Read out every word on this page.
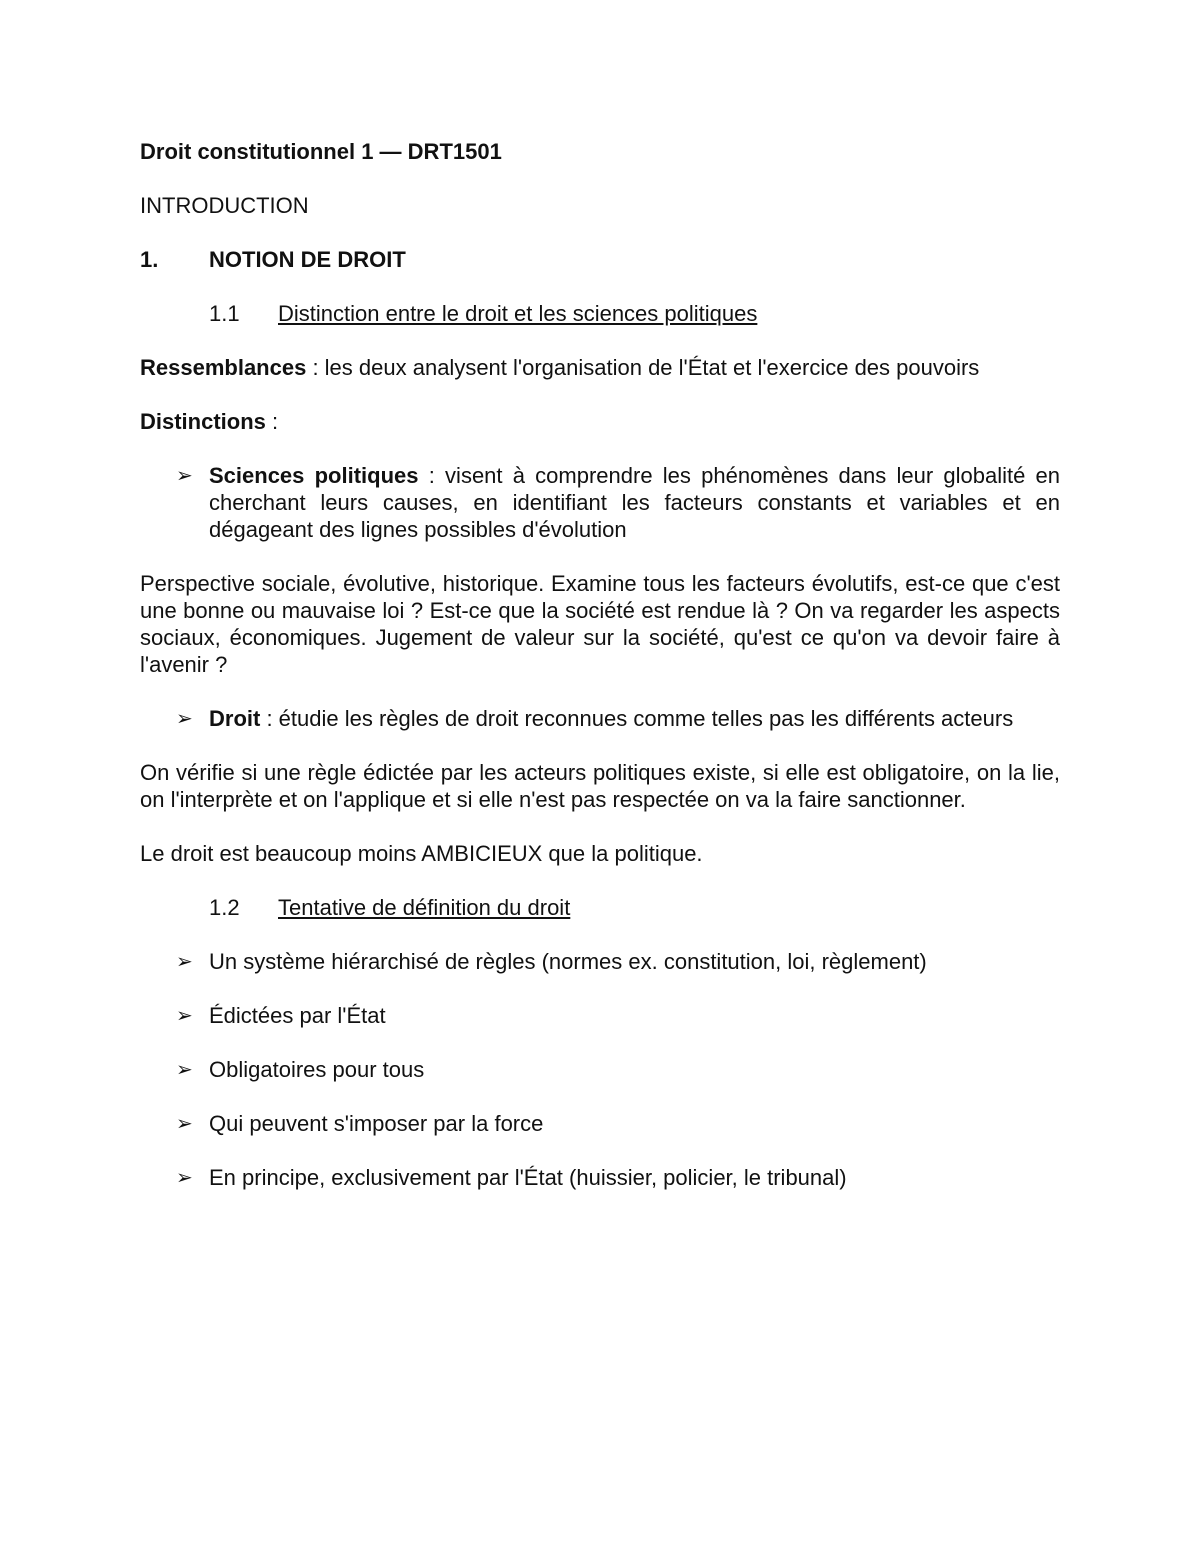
Droit constitutionnel 1 — DRT1501
INTRODUCTION
1.	NOTION DE DROIT
1.1	Distinction entre le droit et les sciences politiques
Ressemblances : les deux analysent l'organisation de l'État et l'exercice des pouvoirs
Distinctions :
➢ Sciences politiques : visent à comprendre les phénomènes dans leur globalité en cherchant leurs causes, en identifiant les facteurs constants et variables et en dégageant des lignes possibles d'évolution
Perspective sociale, évolutive, historique. Examine tous les facteurs évolutifs, est-ce que c'est une bonne ou mauvaise loi ? Est-ce que la société est rendue là ? On va regarder les aspects sociaux, économiques. Jugement de valeur sur la société, qu'est ce qu'on va devoir faire à l'avenir ?
➢ Droit : étudie les règles de droit reconnues comme telles pas les différents acteurs
On vérifie si une règle édictée par les acteurs politiques existe, si elle est obligatoire, on la lie, on l'interprète et on l'applique et si elle n'est pas respectée on va la faire sanctionner.
Le droit est beaucoup moins AMBICIEUX que la politique.
1.2	Tentative de définition du droit
➢ Un système hiérarchisé de règles (normes ex. constitution, loi, règlement)
➢ Édictées par l'État
➢ Obligatoires pour tous
➢ Qui peuvent s'imposer par la force
➢ En principe, exclusivement par l'État (huissier, policier, le tribunal)
